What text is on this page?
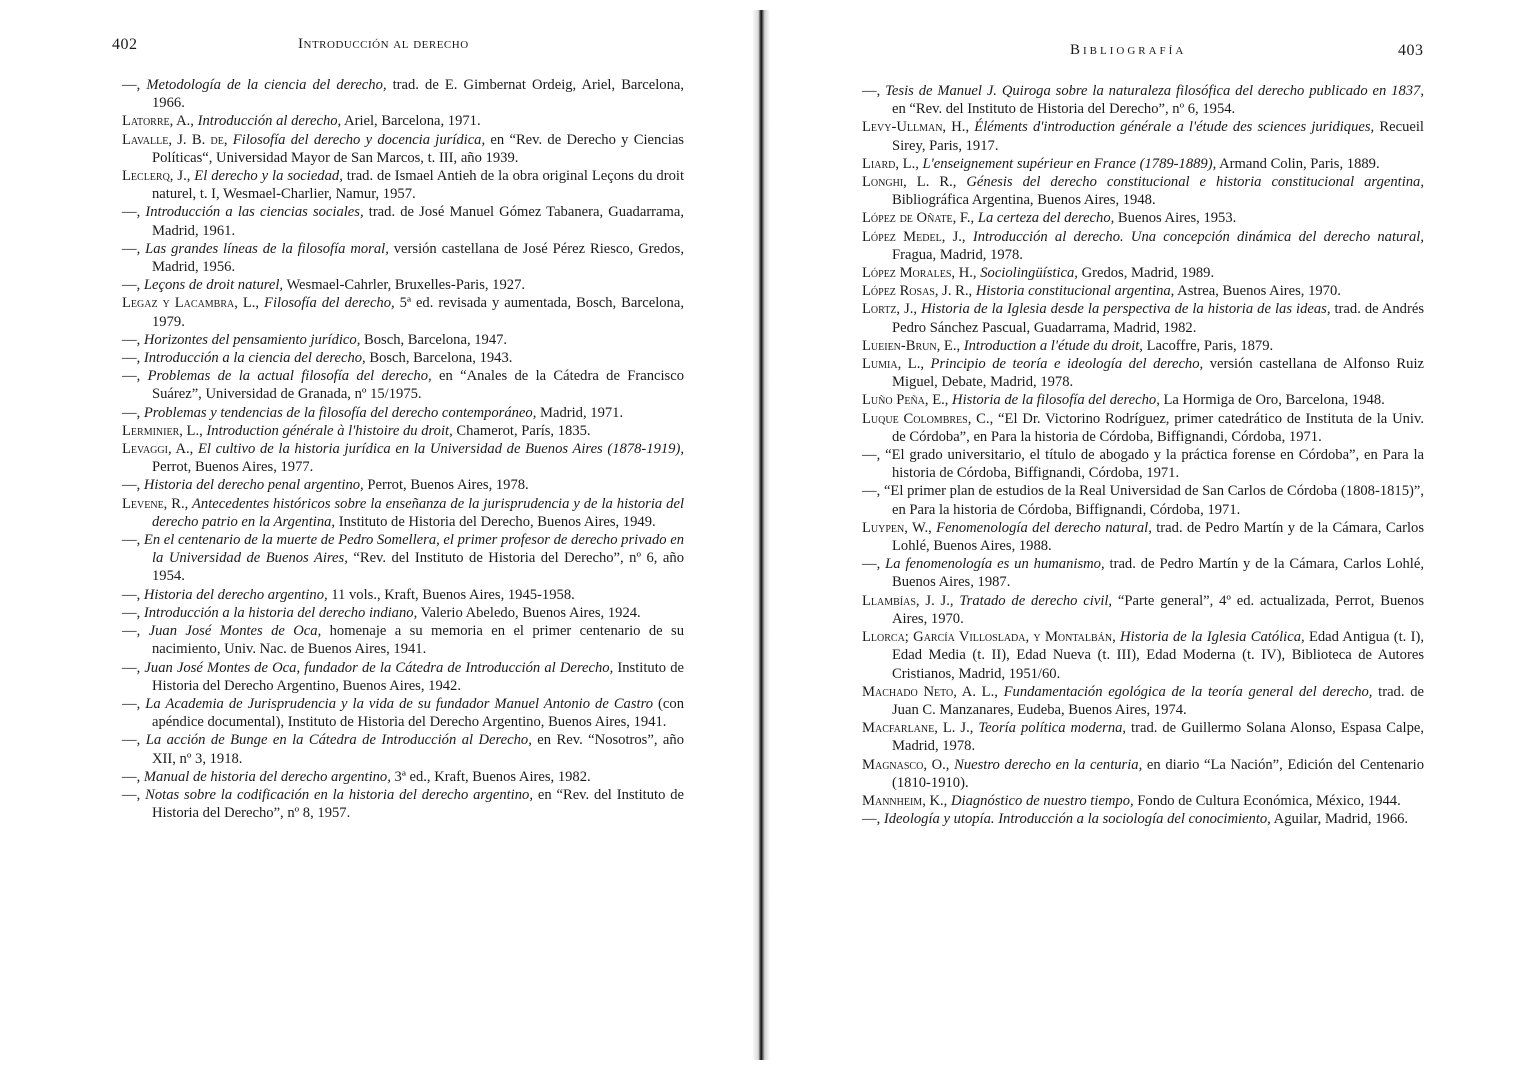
402	Introducción al derecho
—, Metodología de la ciencia del derecho, trad. de E. Gimbernat Ordeig, Ariel, Barcelona, 1966.
Latorre, A., Introducción al derecho, Ariel, Barcelona, 1971.
Lavalle, J. B. de, Filosofía del derecho y docencia jurídica, en “Rev. de Derecho y Ciencias Políticas“, Universidad Mayor de San Marcos, t. III, año 1939.
Leclerq, J., El derecho y la sociedad, trad. de Ismael Antieh de la obra original Leçons du droit naturel, t. I, Wesmael-Charlier, Namur, 1957.
—, Introducción a las ciencias sociales, trad. de José Manuel Gómez Tabanera, Guadarrama, Madrid, 1961.
—, Las grandes líneas de la filosofía moral, versión castellana de José Pérez Riesco, Gredos, Madrid, 1956.
—, Leçons de droit naturel, Wesmael-Cahrler, Bruxelles-Paris, 1927.
Legaz y Lacambra, L., Filosofía del derecho, 5ª ed. revisada y aumentada, Bosch, Barcelona, 1979.
—, Horizontes del pensamiento jurídico, Bosch, Barcelona, 1947.
—, Introducción a la ciencia del derecho, Bosch, Barcelona, 1943.
—, Problemas de la actual filosofía del derecho, en “Anales de la Cátedra de Francisco Suárez”, Universidad de Granada, nº 15/1975.
—, Problemas y tendencias de la filosofía del derecho contemporáneo, Madrid, 1971.
Lerminier, L., Introduction générale à l'histoire du droit, Chamerot, París, 1835.
Levaggi, A., El cultivo de la historia jurídica en la Universidad de Buenos Aires (1878-1919), Perrot, Buenos Aires, 1977.
—, Historia del derecho penal argentino, Perrot, Buenos Aires, 1978.
Levene, R., Antecedentes históricos sobre la enseñanza de la jurisprudencia y de la historia del derecho patrio en la Argentina, Instituto de Historia del Derecho, Buenos Aires, 1949.
—, En el centenario de la muerte de Pedro Somellera, el primer profesor de derecho privado en la Universidad de Buenos Aires, “Rev. del Instituto de Historia del Derecho”, nº 6, año 1954.
—, Historia del derecho argentino, 11 vols., Kraft, Buenos Aires, 1945-1958.
—, Introducción a la historia del derecho indiano, Valerio Abeledo, Buenos Aires, 1924.
—, Juan José Montes de Oca, homenaje a su memoria en el primer centenario de su nacimiento, Univ. Nac. de Buenos Aires, 1941.
—, Juan José Montes de Oca, fundador de la Cátedra de Introducción al Derecho, Instituto de Historia del Derecho Argentino, Buenos Aires, 1942.
—, La Academia de Jurisprudencia y la vida de su fundador Manuel Antonio de Castro (con apéndice documental), Instituto de Historia del Derecho Argentino, Buenos Aires, 1941.
—, La acción de Bunge en la Cátedra de Introducción al Derecho, en Rev. “Nosotros”, año XII, nº 3, 1918.
—, Manual de historia del derecho argentino, 3ª ed., Kraft, Buenos Aires, 1982.
—, Notas sobre la codificación en la historia del derecho argentino, en “Rev. del Instituto de Historia del Derecho”, nº 8, 1957.
Bibliografía	403
—, Tesis de Manuel J. Quiroga sobre la naturaleza filosófica del derecho publicado en 1837, en “Rev. del Instituto de Historia del Derecho”, nº 6, 1954.
Levy-Ullman, H., Éléments d'introduction générale a l'étude des sciences juridiques, Recueil Sirey, Paris, 1917.
Liard, L., L'enseignement supérieur en France (1789-1889), Armand Colin, Paris, 1889.
Longhi, L. R., Génesis del derecho constitucional e historia constitucional argentina, Bibliográfica Argentina, Buenos Aires, 1948.
López de Oñate, F., La certeza del derecho, Buenos Aires, 1953.
López Medel, J., Introducción al derecho. Una concepción dinámica del derecho natural, Fragua, Madrid, 1978.
López Morales, H., Sociolingüística, Gredos, Madrid, 1989.
López Rosas, J. R., Historia constitucional argentina, Astrea, Buenos Aires, 1970.
Lortz, J., Historia de la Iglesia desde la perspectiva de la historia de las ideas, trad. de Andrés Pedro Sánchez Pascual, Guadarrama, Madrid, 1982.
Lueien-Brun, E., Introduction a l'étude du droit, Lacoffre, Paris, 1879.
Lumia, L., Principio de teoría e ideología del derecho, versión castellana de Alfonso Ruiz Miguel, Debate, Madrid, 1978.
Luño Peña, E., Historia de la filosofía del derecho, La Hormiga de Oro, Barcelona, 1948.
Luque Colombres, C., “El Dr. Victorino Rodríguez, primer catedrático de Instituta de la Univ. de Córdoba”, en Para la historia de Córdoba, Biffignandi, Córdoba, 1971.
—, “El grado universitario, el título de abogado y la práctica forense en Córdoba”, en Para la historia de Córdoba, Biffignandi, Córdoba, 1971.
—, “El primer plan de estudios de la Real Universidad de San Carlos de Córdoba (1808-1815)”, en Para la historia de Córdoba, Biffignandi, Córdoba, 1971.
Luypen, W., Fenomenología del derecho natural, trad. de Pedro Martín y de la Cámara, Carlos Lohlé, Buenos Aires, 1988.
—, La fenomenología es un humanismo, trad. de Pedro Martín y de la Cámara, Carlos Lohlé, Buenos Aires, 1987.
Llambías, J. J., Tratado de derecho civil, “Parte general”, 4º ed. actualizada, Perrot, Buenos Aires, 1970.
Llorca; García Villoslada, y Montalbán, Historia de la Iglesia Católica, Edad Antigua (t. I), Edad Media (t. II), Edad Nueva (t. III), Edad Moderna (t. IV), Biblioteca de Autores Cristianos, Madrid, 1951/60.
Machado Neto, A. L., Fundamentación egológica de la teoría general del derecho, trad. de Juan C. Manzanares, Eudeba, Buenos Aires, 1974.
Macfarlane, L. J., Teoría política moderna, trad. de Guillermo Solana Alonso, Espasa Calpe, Madrid, 1978.
Magnasco, O., Nuestro derecho en la centuria, en diario “La Nación”, Edición del Centenario (1810-1910).
Mannheim, K., Diagnóstico de nuestro tiempo, Fondo de Cultura Económica, México, 1944.
—, Ideología y utopía. Introducción a la sociología del conocimiento, Aguilar, Madrid, 1966.
